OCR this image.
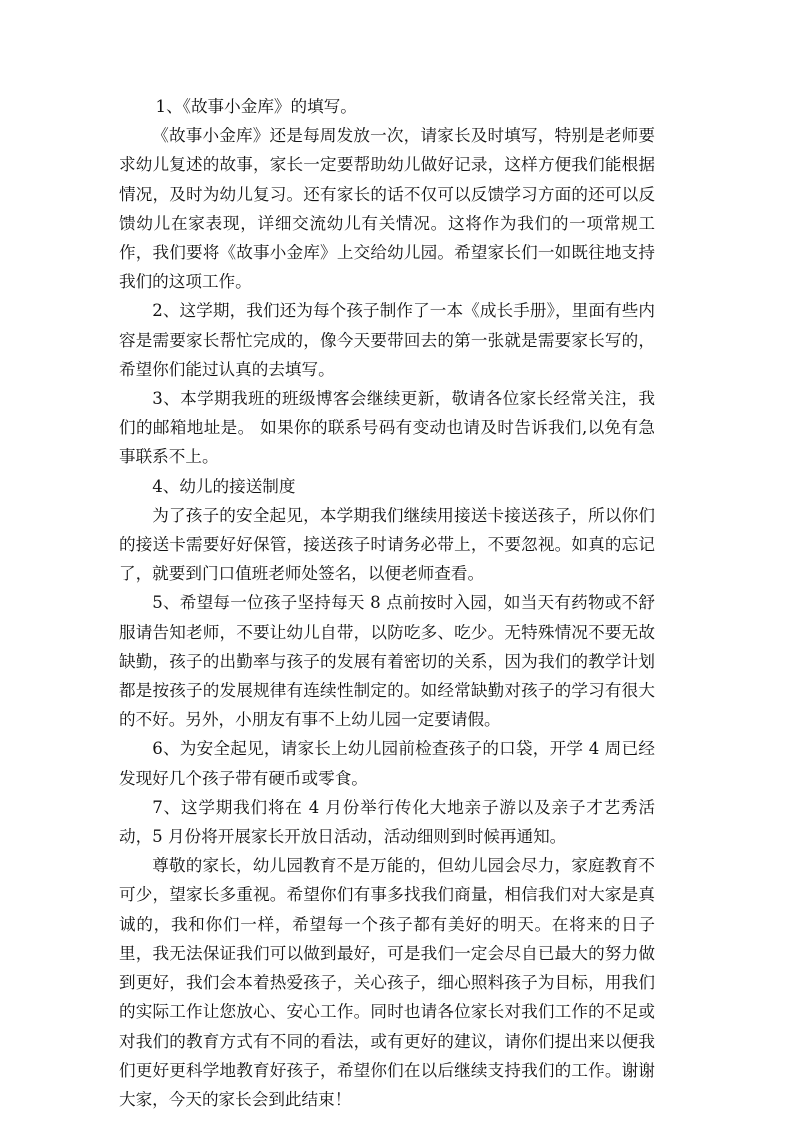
1、《故事小金库》的填写。

《故事小金库》还是每周发放一次，请家长及时填写，特别是老师要求幼儿复述的故事，家长一定要帮助幼儿做好记录，这样方便我们能根据情况，及时为幼儿复习。还有家长的话不仅可以反馈学习方面的还可以反馈幼儿在家表现，详细交流幼儿有关情况。这将作为我们的一项常规工作，我们要将《故事小金库》上交给幼儿园。希望家长们一如既往地支持我们的这项工作。

2、这学期，我们还为每个孩子制作了一本《成长手册》，里面有些内容是需要家长帮忙完成的，像今天要带回去的第一张就是需要家长写的，希望你们能过认真的去填写。

3、本学期我班的班级博客会继续更新，敬请各位家长经常关注，我们的邮箱地址是。 如果你的联系号码有变动也请及时告诉我们,以免有急事联系不上。

4、幼儿的接送制度

为了孩子的安全起见，本学期我们继续用接送卡接送孩子，所以你们的接送卡需要好好保管，接送孩子时请务必带上，不要忽视。如真的忘记了，就要到门口值班老师处签名，以便老师查看。

5、希望每一位孩子坚持每天 8 点前按时入园，如当天有药物或不舒服请告知老师，不要让幼儿自带，以防吃多、吃少。无特殊情况不要无故缺勤，孩子的出勤率与孩子的发展有着密切的关系，因为我们的教学计划都是按孩子的发展规律有连续性制定的。如经常缺勤对孩子的学习有很大的不好。另外，小朋友有事不上幼儿园一定要请假。

6、为安全起见，请家长上幼儿园前检查孩子的口袋，开学 4 周已经发现好几个孩子带有硬币或零食。

7、这学期我们将在 4 月份举行传化大地亲子游以及亲子才艺秀活动，5 月份将开展家长开放日活动，活动细则到时候再通知。

尊敬的家长，幼儿园教育不是万能的，但幼儿园会尽力，家庭教育不可少，望家长多重视。希望你们有事多找我们商量，相信我们对大家是真诚的，我和你们一样，希望每一个孩子都有美好的明天。在将来的日子里，我无法保证我们可以做到最好，可是我们一定会尽自已最大的努力做到更好，我们会本着热爱孩子，关心孩子，细心照料孩子为目标，用我们的实际工作让您放心、安心工作。同时也请各位家长对我们工作的不足或对我们的教育方式有不同的看法，或有更好的建议，请你们提出来以便我们更好更科学地教育好孩子，希望你们在以后继续支持我们的工作。谢谢大家，今天的家长会到此结束！
